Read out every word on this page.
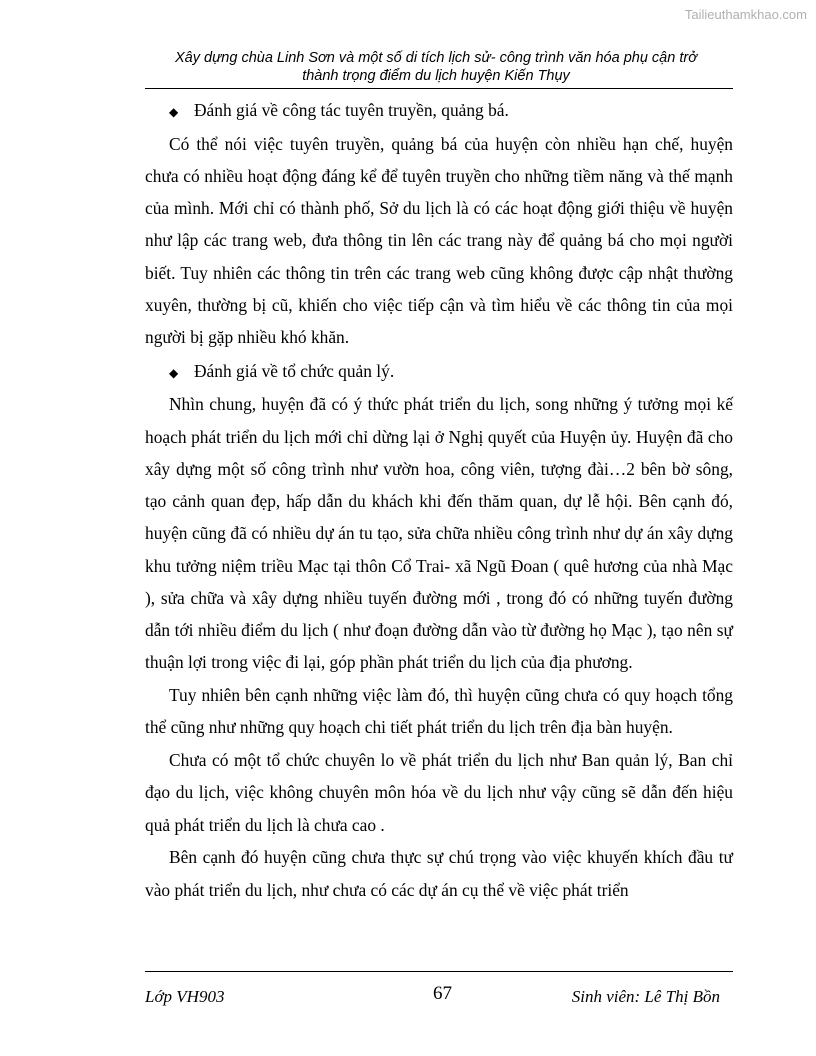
Tailieuthamkhao.com
Xây dựng chùa Linh Sơn và một số di tích lịch sử- công trình văn hóa phụ cận trở
thành trọng điểm du lịch huyện Kiến Thụy
◆ Đánh giá về công tác tuyên truyền, quảng bá.

Có thể nói việc tuyên truyền, quảng bá của huyện còn nhiều hạn chế, huyện chưa có nhiều hoạt động đáng kể để tuyên truyền cho những tiềm năng và thế mạnh của mình. Mới chỉ có thành phố, Sở du lịch là có các hoạt động giới thiệu về huyện như lập các trang web, đưa thông tin lên các trang này để quảng bá cho mọi người biết. Tuy nhiên các thông tin trên các trang web cũng không được cập nhật thường xuyên, thường bị cũ, khiến cho việc tiếp cận và tìm hiểu về các thông tin của mọi người bị gặp nhiều khó khăn.

◆ Đánh giá về tổ chức quản lý.

Nhìn chung, huyện đã có ý thức phát triển du lịch, song những ý tưởng mọi kế hoạch phát triển du lịch mới chỉ dừng lại ở Nghị quyết của Huyện ủy. Huyện đã cho xây dựng một số công trình như vườn hoa, công viên, tượng đài…2 bên bờ sông, tạo cảnh quan đẹp, hấp dẫn du khách khi đến thăm quan, dự lễ hội. Bên cạnh đó, huyện cũng đã có nhiều dự án tu tạo, sửa chữa nhiều công trình như dự án xây dựng khu tưởng niệm triều Mạc tại thôn Cổ Trai- xã Ngũ Đoan ( quê hương của nhà Mạc ), sửa chữa và xây dựng nhiều tuyến đường mới , trong đó có những tuyến đường dẫn tới nhiều điểm du lịch ( như đoạn đường dẫn vào từ đường họ Mạc ), tạo nên sự thuận lợi trong việc đi lại, góp phần phát triển du lịch của địa phương.

Tuy nhiên bên cạnh những việc làm đó, thì huyện cũng chưa có quy hoạch tổng thể cũng như những quy hoạch chi tiết phát triển du lịch trên địa bàn huyện.

Chưa có một tổ chức chuyên lo về phát triển du lịch như Ban quản lý, Ban chỉ đạo du lịch, việc không chuyên môn hóa về du lịch như vậy cũng sẽ dẫn đến hiệu quả phát triển du lịch là chưa cao .

Bên cạnh đó huyện cũng chưa thực sự chú trọng vào việc khuyến khích đầu tư vào phát triển du lịch, như chưa có các dự án cụ thể về việc phát triển

Lớp VH903	67	Sinh viên: Lê Thị Bồn
